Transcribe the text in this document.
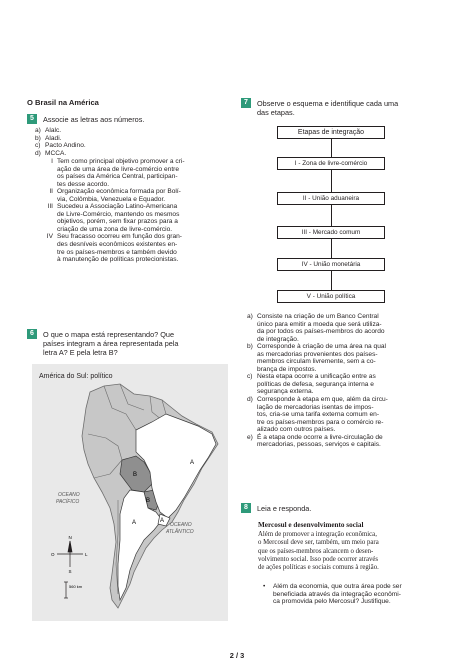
O Brasil na América
5	Associe as letras aos números.
a) Alalc.
b) Aladi.
c) Pacto Andino.
d) MCCA.
I Tem como principal objetivo promover a cri-
ação de uma área de livre-comércio entre
os países da América Central, participan-
tes desse acordo.
II Organização econômica formada por Bolí-
via, Colômbia, Venezuela e Equador.
III Sucedeu a Associação Latino-Americana
de Livre-Comércio, mantendo os mesmos
objetivos, porém, sem fixar prazos para a
criação de uma zona de livre-comércio.
IV Seu fracasso ocorreu em função dos gran-
des desníveis econômicos existentes en-
tre os países-membros e também devido
à manutenção de políticas protecionistas.
6	O que o mapa está representando? Que
países integram a área representada pela
letra A? E pela letra B?
América do Sul: político
A
B
B
A	A
OCEANO
PACÍFICO
OCEANO
ATLÂNTICO
N
S
O	L
560 km
7	Observe o esquema e identifique cada uma
das etapas.
Etapas de integração
I - Zona de livre-comércio
II - União aduaneira
III - Mercado comum
IV - União monetária
V - União política
a) Consiste na criação de um Banco Central
único para emitir a moeda que será utiliza-
da por todos os países-membros do acordo
de integração.
b) Corresponde à criação de uma área na qual
as mercadorias provenientes dos países-
membros circulam livremente, sem a co-
brança de impostos.
c) Nesta etapa ocorre a unificação entre as
políticas de defesa, segurança interna e
segurança externa.
d) Corresponde à etapa em que, além da circu-
lação de mercadorias isentas de impos-
tos, cria-se uma tarifa externa comum en-
tre os países-membros para o comércio re-
alizado com outros países.
e) É a etapa onde ocorre a livre-circulação de
mercadorias, pessoas, serviços e capitais.
8	Leia e responda.
Mercosul e desenvolvimento social
Além de promover a integração econômica,
o Mercosul deve ser, também, um meio para
que os países-membros alcancem o desen-
volvimento social. Isso pode ocorrer através
de ações políticas e sociais comuns à região.
• Além da economia, que outra área pode ser
beneficiada através da integração econômi-
ca promovida pelo Mercosul? Justifique.
2 / 3
